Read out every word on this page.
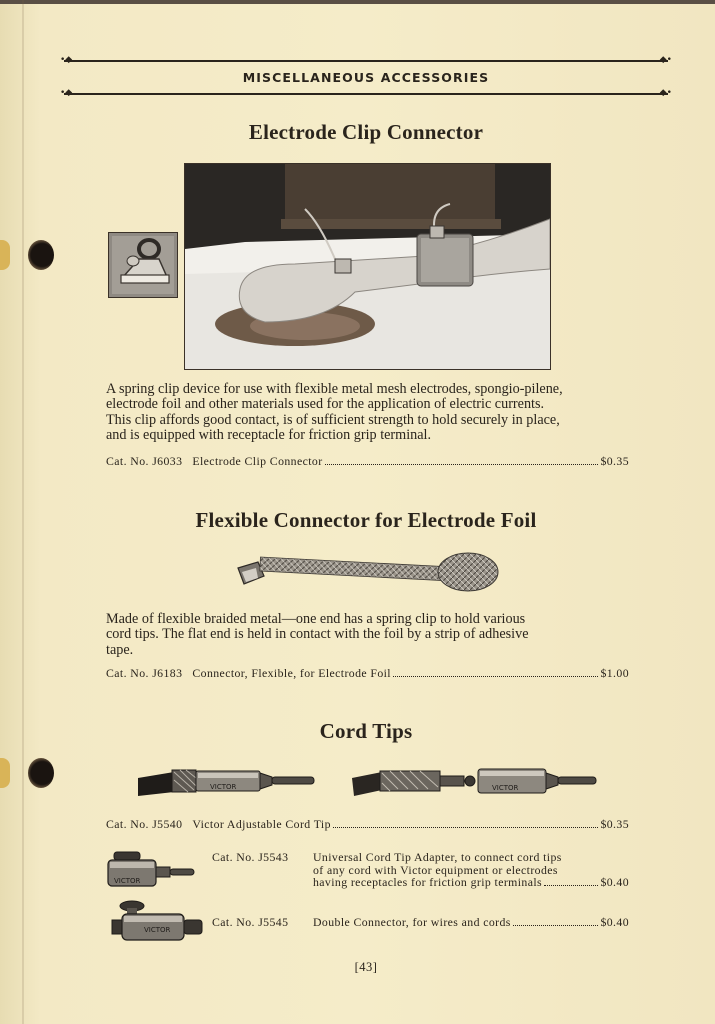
•◆	◆•
MISCELLANEOUS ACCESSORIES
•◆	◆•
Electrode Clip Connector
A spring clip device for use with flexible metal mesh electrodes, spongio-pilene,
electrode foil and other materials used for the application of electric currents.
This clip affords good contact, is of sufficient strength to hold securely in place,
and is equipped with receptacle for friction grip terminal.
Cat. No. J6033 Electrode Clip Connector	$0.35
Flexible Connector for Electrode Foil
Made of flexible braided metal—one end has a spring clip to hold various
cord tips. The flat end is held in contact with the foil by a strip of adhesive
tape.
Cat. No. J6183 Connector, Flexible, for Electrode Foil	$1.00
Cord Tips
VICTOR	VICTOR
Cat. No. J5540 Victor Adjustable Cord Tip	$0.35
VICTOR
Cat. No. J5543	Universal Cord Tip Adapter, to connect cord tips
of any cord with Victor equipment or electrodes
having receptacles for friction grip terminals	$0.40
VICTOR
Cat. No. J5545	Double Connector, for wires and cords	$0.40
[43]
